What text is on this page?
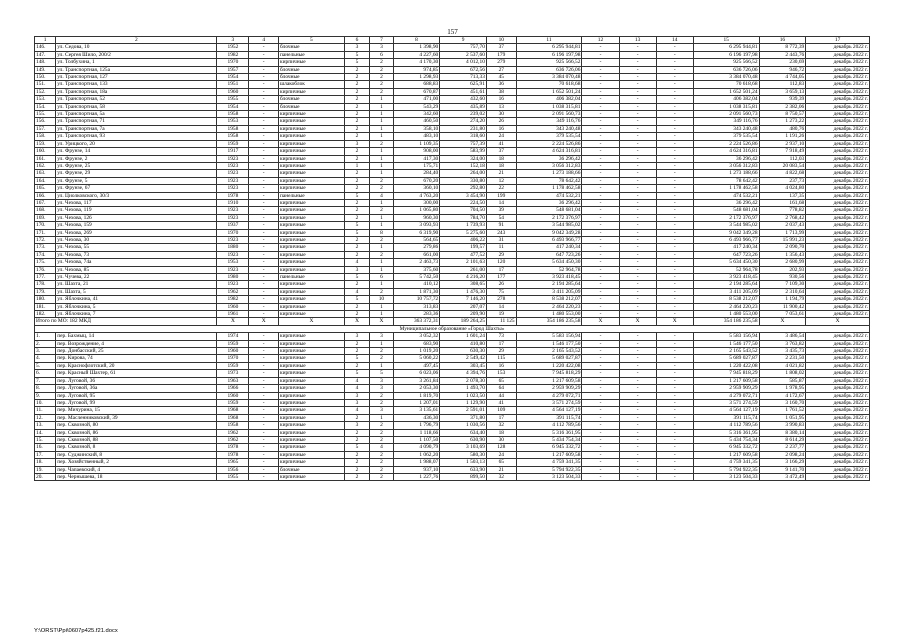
157
1	2	3	4	5	6	7	8	9	10	11	12	13	14	15	16	17
146.	ул. Седова, 10	1952	-	блочные	3	3	1 398,90	757,70	37	6 295 944,81	-	-	-	6 295 944,81	8 772,39	декабрь 2022 г.
147.	ул. Сергея Шило, 200/2	1982	-	панельные	5	6	4 227,60	2 537,60	179	6 196 197,98	-	-	-	6 196 197,98	2 443,76	декабрь 2022 г.
148.	ул. Толбухина, 1	1970	-	кирпичные	5	2	4 170,30	4 012,10	279	925 566,52	-	-	-	925 566,52	230,69	декабрь 2022 г.
149.	ул. Транспортная, 125а	1957	-	блочные	2	2	974,85	672,56	27	636 726,06	-	-	-	636 726,06	946,72	декабрь 2022 г.
150.	ул. Транспортная, 127	1954	-	блочные	2	2	1 298,93	713,33	45	3 384 070,48	-	-	-	3 384 070,48	4 744,05	декабрь 2022 г.
151.	ул. Транспортная, 133	1951	-	шлакоблок	2	2	688,83	625,91	36	70 618,68	-	-	-	70 618,68	112,83	декабрь 2022 г.
152.	ул. Транспортная, 18а	1960	-	кирпичные	2	2	670,87	451,61	38	1 652 501,24	-	-	-	1 652 501,24	3 659,13	декабрь 2022 г.
153.	ул. Транспортная, 52	1955	-	блочные	2	1	471,00	432,60	16	406 382,04	-	-	-	406 382,04	939,39	декабрь 2022 г.
154.	ул. Транспортная, 58	1954	-	блочные	2	1	543,29	435,89	13	1 038 315,81	-	-	-	1 038 315,81	2 382,06	декабрь 2022 г.
155.	ул. Транспортная, 5а	1958	-	кирпичные	2	1	342,60	239,02	30	2 091 560,73	-	-	-	2 091 560,73	8 750,57	декабрь 2022 г.
156.	ул. Транспортная, 71	1953	-	кирпичные	2	1	460,50	274,20	26	349 116,76	-	-	-	349 116,76	1 273,22	декабрь 2022 г.
157.	ул. Транспортная, 7а	1958	-	кирпичные	2	1	358,10	231,80	16	343 240,48	-	-	-	343 240,48	480,76	декабрь 2022 г.
158.	ул. Транспортная, 93	1958	-	кирпичные	2	1	483,10	318,60	24	379 535,54	-	-	-	379 535,54	1 191,26	декабрь 2022 г.
159.	ул. Урицкого, 20	1959	-	кирпичные	3	2	1 109,35	757,39	41	2 224 526,86	-	-	-	2 224 526,86	2 937,10	декабрь 2022 г.
160.	ул. Фрунзе, 14	1917	-	кирпичные	2	1	908,00	583,99	37	4 624 316,81	-	-	-	4 624 316,81	7 918,49	декабрь 2022 г.
161.	ул. Фрунзе, 2	1923	-	кирпичные	2	1	417,30	324,00	18	36 296,42	-	-	-	36 296,42	112,03	декабрь 2022 г.
162.	ул. Фрунзе, 25	1923	-	кирпичные	1	1	175,71	152,18	18	3 056 312,83	-	-	-	3 056 312,83	20 083,54	декабрь 2022 г.
163.	ул. Фрунзе, 29	1923	-	кирпичные	2	1	284,40	264,00	21	1 273 188,66	-	-	-	1 273 188,66	4 822,68	декабрь 2022 г.
164.	ул. Фрунзе, 5	1923	-	кирпичные	2	2	670,20	330,80	12	78 642,42	-	-	-	78 642,42	237,73	декабрь 2022 г.
165.	ул. Фрунзе, 67	1923	-	кирпичные	2	2	360,10	292,80	22	1 178 462,58	-	-	-	1 178 462,58	4 024,80	декабрь 2022 г.
166.	ул. Циолковского, 30/3	1978	-	панельные	5	4	4 763,20	3 454,90	199	474 532,21	-	-	-	474 532,21	137,35	декабрь 2022 г.
167.	ул. Чехова, 117	1910	-	кирпичные	2	1	300,00	224,50	14	36 296,42	-	-	-	36 296,42	161,68	декабрь 2022 г.
168.	ул. Чехова, 119	1923	-	кирпичные	2	2	1 065,80	704,50	39	548 681,04	-	-	-	548 681,04	778,82	декабрь 2022 г.
169.	ул. Чехова, 126	1923	-	кирпичные	2	1	960,30	784,70	54	2 172 376,97	-	-	-	2 172 376,97	2 768,42	декабрь 2022 г.
170.	ул. Чехова, 159	1937	-	кирпичные	5	1	3 093,93	1 739,93	91	3 544 985,02	-	-	-	3 544 985,02	2 037,43	декабрь 2022 г.
171.	ул. Чехова, 269	1970	-	кирпичные	5	8	6 319,90	5 275,60	243	9 042 349,28	-	-	-	9 042 349,28	1 713,99	декабрь 2022 г.
172.	ул. Чехова, 30	1923	-	кирпичные	2	2	564,65	406,22	31	6 493 966,77	-	-	-	6 493 966,77	15 991,23	декабрь 2022 г.
173.	ул. Чехова, 55	1880	-	кирпичные	2	1	279,86	199,57	11	417 240,34	-	-	-	417 240,34	2 090,70	декабрь 2022 г.
174.	ул. Чехова, 73	1923	-	кирпичные	2	2	661,00	477,52	29	647 723,26	-	-	-	647 723,26	1 356,43	декабрь 2022 г.
175.	ул. Чехова, 74а	1953	-	кирпичные	4	1	2 463,73	2 101,63	120	5 634 450,30	-	-	-	5 634 450,30	2 680,99	декабрь 2022 г.
176.	ул. Чехова, 85	1923	-	кирпичные	3	1	375,60	261,00	17	52 964,78	-	-	-	52 964,78	202,93	декабрь 2022 г.
177.	ул. Чучева, 22	1980	-	панельные	5	6	5 742,50	4 216,20	177	3 923 418,45	-	-	-	3 923 418,45	930,56	декабрь 2022 г.
178.	ул. Шахта, 21	1923	-	кирпичные	2	1	410,12	308,65	26	2 194 285,64	-	-	-	2 194 285,64	7 109,30	декабрь 2022 г.
179.	ул. Шахта, 5	1962	-	кирпичные	4	2	1 871,30	1 476,30	75	3 411 205,09	-	-	-	3 411 205,09	2 310,64	декабрь 2022 г.
180.	ул. Яблочкина, 41	1982	-	кирпичные	5	10	10 757,72	7 146,20	278	8 538 212,07	-	-	-	8 538 212,07	1 194,79	декабрь 2022 г.
181.	ул. Яблочкина, 5	1960	-	кирпичные	2	1	313,83	207,07	14	2 464 220,23	-	-	-	2 464 220,23	11 900,42	декабрь 2022 г.
182.	ул. Яблочкина, 7	1961	-	кирпичные	2	1	283,36	209,90	19	1 480 553,00	-	-	-	1 480 553,00	7 053,61	декабрь 2022 г.
Итого по МО: 182 МКД		X	X	X	X	X	363 372,31	189 264,25	11 125	354 186 235,58	X	X	X	354 186 235,58	X	X
Муниципальное образование «Город Шахты»																
1.	пер. Бахмыц, 14	1974	-	кирпичные	3	3	3 052,32	1 601,24	73	5 583 156,94	-	-	-	5 583 156,94	3 486,54	декабрь 2022 г.
2.	пер. Возрождение, 4	1959	-	кирпичные	2	1	683,90	410,80	17	1 546 177,50	-	-	-	1 546 177,50	3 763,82	декабрь 2022 г.
3.	пер. Донбасский, 25	1960	-	кирпичные	2	2	1 019,20	630,30	29	2 165 543,52	-	-	-	2 165 543,52	3 435,73	декабрь 2022 г.
4.	пер. Кирова, 74	1970	-	кирпичные	5	2	5 060,22	2 549,42	115	5 689 027,87	-	-	-	5 689 027,87	2 231,50	декабрь 2022 г.
5.	пер. Краснофлотский, 20	1959	-	кирпичные	2	1	497,45	303,45	16	1 220 422,08	-	-	-	1 220 422,08	4 021,82	декабрь 2022 г.
6.	пер. Красный Шахтер, 61	1973	-	кирпичные	5	5	6 023,06	4 394,76	153	7 945 818,29	-	-	-	7 945 818,29	1 808,02	декабрь 2022 г.
7.	пер. Луговой, 36	1963	-	кирпичные	4	3	3 261,84	2 078,30	65	1 217 609,58	-	-	-	1 217 609,58	585,87	декабрь 2022 г.
8.	пер. Луговой, 36а	1966	-	кирпичные	4	3	2 053,30	1 493,70	64	2 959 909,29	-	-	-	2 959 909,29	1 978,95	декабрь 2022 г.
9.	пер. Луговой, 95	1960	-	кирпичные	3	2	1 819,70	1 023,50	44	4 279 072,71	-	-	-	4 279 072,71	4 172,67	декабрь 2022 г.
10.	пер. Луговой, 99	1959	-	кирпичные	3	2	1 207,01	1 129,90	41	3 571 274,59	-	-	-	3 571 274,59	3 160,70	декабрь 2022 г.
11.	пер. Мичурина, 15	1968	-	кирпичные	4	3	3 135,61	2 591,01	109	4 564 127,19	-	-	-	4 564 127,19	1 761,52	декабрь 2022 г.
12.	пер. Масленниковский, 39	1968	-	кирпичные	2	1	436,30	371,80	17	391 115,74	-	-	-	391 115,74	1 051,95	декабрь 2022 г.
13.	пер. Сквозной, 80	1958	-	кирпичные	3	2	1 796,79	1 030,56	32	4 112 789,56	-	-	-	4 112 789,56	3 990,83	декабрь 2022 г.
14.	пер. Сквозной, 86	1962	-	кирпичные	2	2	1 118,66	634,40	18	5 316 361,95	-	-	-	5 316 361,95	8 380,14	декабрь 2022 г.
15.	пер. Сквозной, 88	1962	-	кирпичные	2	2	1 107,50	630,90	30	5 434 754,34	-	-	-	5 434 754,34	8 614,29	декабрь 2022 г.
16.	пер. Сквозной, 8	1978	-	кирпичные	5	4	4 090,79	3 103,69	128	6 945 332,72	-	-	-	6 945 332,72	2 237,77	декабрь 2022 г.
17.	пер. Суджинский, 8	1978	-	кирпичные	2	2	1 062,20	580,30	24	1 217 609,58	-	-	-	1 217 609,58	2 098,24	декабрь 2022 г.
18.	пер. Хозяйственный, 2	1965	-	кирпичные	2	2	1 988,07	1 503,13	65	4 759 341,35	-	-	-	4 759 341,35	3 166,29	декабрь 2022 г.
19.	пер. Чапаевский, 4	1956	-	блочные	2	2	937,10	633,90	21	5 794 922,35	-	-	-	5 794 922,35	9 141,70	декабрь 2022 г.
20.	пер. Чернышева, 18	1955	-	кирпичные	2	2	1 227,76	899,50	32	3 123 504,33	-	-	-	3 123 504,33	3 472,49	декабрь 2022 г.
Y:\ORST\Ppi\0607p425.f21.docx
